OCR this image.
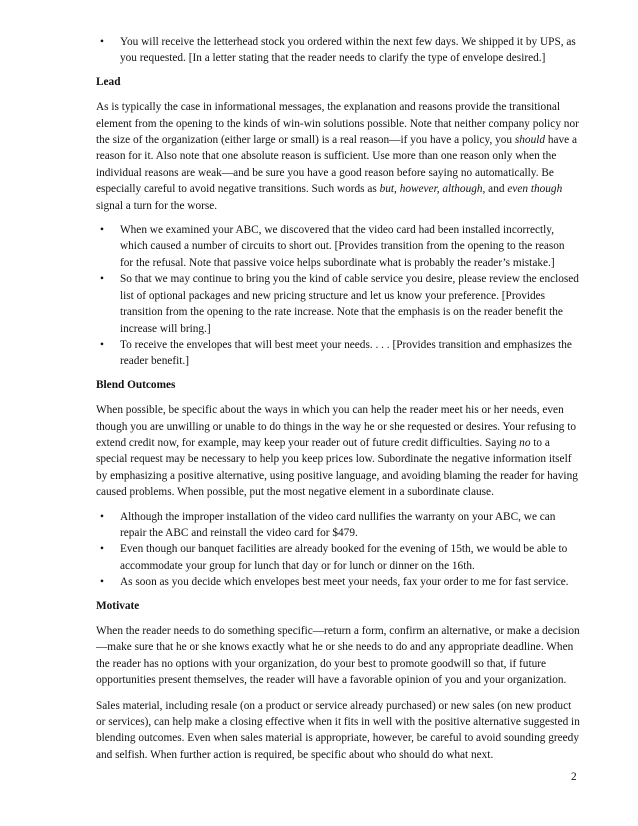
• You will receive the letterhead stock you ordered within the next few days. We shipped it by UPS, as you requested. [In a letter stating that the reader needs to clarify the type of envelope desired.]

Lead

As is typically the case in informational messages, the explanation and reasons provide the transitional element from the opening to the kinds of win-win solutions possible. Note that neither company policy nor the size of the organization (either large or small) is a real reason—if you have a policy, you should have a reason for it. Also note that one absolute reason is sufficient. Use more than one reason only when the individual reasons are weak—and be sure you have a good reason before saying no automatically. Be especially careful to avoid negative transitions. Such words as but, however, although, and even though signal a turn for the worse.

• When we examined your ABC, we discovered that the video card had been installed incorrectly, which caused a number of circuits to short out. [Provides transition from the opening to the reason for the refusal. Note that passive voice helps subordinate what is probably the reader’s mistake.]
• So that we may continue to bring you the kind of cable service you desire, please review the enclosed list of optional packages and new pricing structure and let us know your preference. [Provides transition from the opening to the rate increase. Note that the emphasis is on the reader benefit the increase will bring.]
• To receive the envelopes that will best meet your needs. . . . [Provides transition and emphasizes the reader benefit.]

Blend Outcomes

When possible, be specific about the ways in which you can help the reader meet his or her needs, even though you are unwilling or unable to do things in the way he or she requested or desires. Your refusing to extend credit now, for example, may keep your reader out of future credit difficulties. Saying no to a special request may be necessary to help you keep prices low. Subordinate the negative information itself by emphasizing a positive alternative, using positive language, and avoiding blaming the reader for having caused problems. When possible, put the most negative element in a subordinate clause.

• Although the improper installation of the video card nullifies the warranty on your ABC, we can repair the ABC and reinstall the video card for $479.
• Even though our banquet facilities are already booked for the evening of 15th, we would be able to accommodate your group for lunch that day or for lunch or dinner on the 16th.
• As soon as you decide which envelopes best meet your needs, fax your order to me for fast service.

Motivate

When the reader needs to do something specific—return a form, confirm an alternative, or make a decision—make sure that he or she knows exactly what he or she needs to do and any appropriate deadline. When the reader has no options with your organization, do your best to promote goodwill so that, if future opportunities present themselves, the reader will have a favorable opinion of you and your organization.

Sales material, including resale (on a product or service already purchased) or new sales (on new product or services), can help make a closing effective when it fits in well with the positive alternative suggested in blending outcomes. Even when sales material is appropriate, however, be careful to avoid sounding greedy and selfish. When further action is required, be specific about who should do what next.

2
